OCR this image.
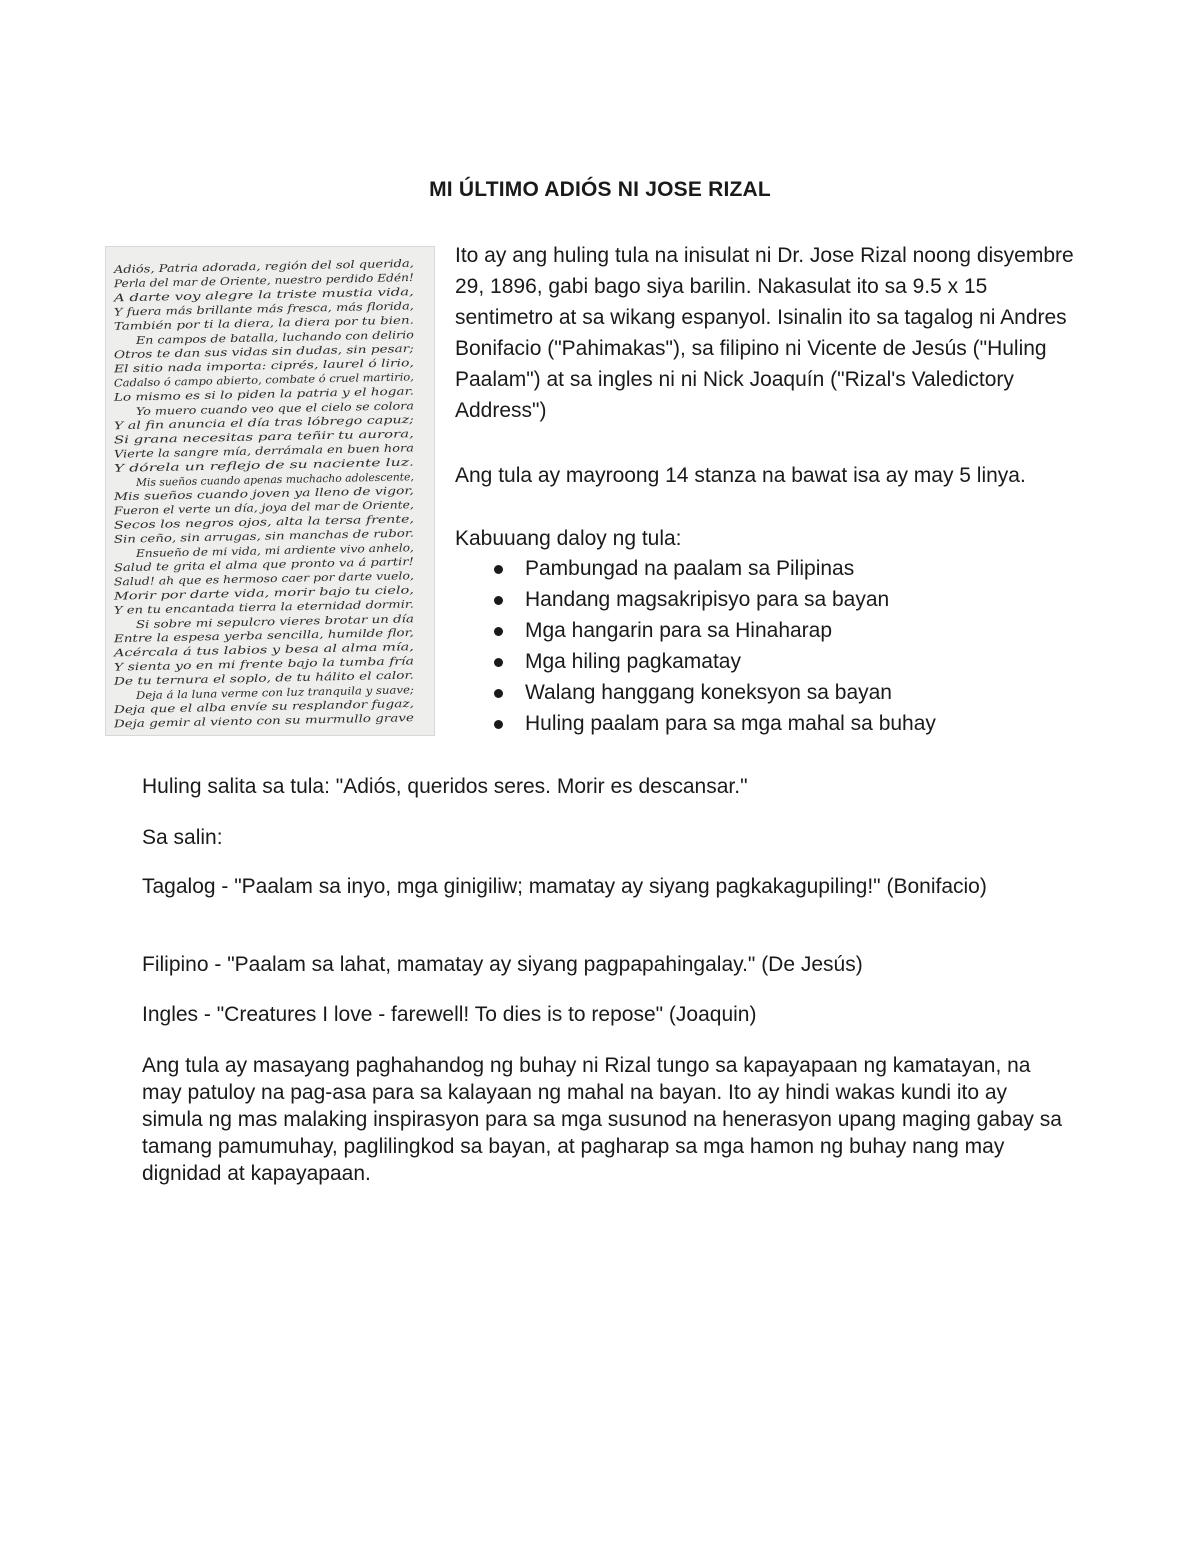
MI ÚLTIMO ADIÓS NI JOSE RIZAL
Adiós, Patria adorada, región del sol querida,
Perla del mar de Oriente, nuestro perdido Edén!
A darte voy alegre la triste mustia vida,
Y fuera más brillante más fresca, más florida,
También por ti la diera, la diera por tu bien.
En campos de batalla, luchando con delirio
Otros te dan sus vidas sin dudas, sin pesar;
El sitio nada importa: ciprés, laurel ó lirio,
Cadalso ó campo abierto, combate ó cruel martirio,
Lo mismo es si lo piden la patria y el hogar.
Yo muero cuando veo que el cielo se colora
Y al fin anuncia el día tras lóbrego capuz;
Si grana necesitas para teñir tu aurora,
Vierte la sangre mía, derrámala en buen hora
Y dórela un reflejo de su naciente luz.
Mis sueños cuando apenas muchacho adolescente,
Mis sueños cuando joven ya lleno de vigor,
Fueron el verte un día, joya del mar de Oriente,
Secos los negros ojos, alta la tersa frente,
Sin ceño, sin arrugas, sin manchas de rubor.
Ensueño de mi vida, mi ardiente vivo anhelo,
Salud te grita el alma que pronto va á partir!
Salud! ah que es hermoso caer por darte vuelo,
Morir por darte vida, morir bajo tu cielo,
Y en tu encantada tierra la eternidad dormir.
Si sobre mi sepulcro vieres brotar un día
Entre la espesa yerba sencilla, humilde flor,
Acércala á tus labios y besa al alma mía,
Y sienta yo en mi frente bajo la tumba fría
De tu ternura el soplo, de tu hálito el calor.
Deja á la luna verme con luz tranquila y suave;
Deja que el alba envíe su resplandor fugaz,
Deja gemir al viento con su murmullo grave

Ito ay ang huling tula na inisulat ni Dr. Jose Rizal noong disyembre 29, 1896, gabi bago siya barilin. Nakasulat ito sa 9.5 x 15 sentimetro at sa wikang espanyol. Isinalin ito sa tagalog ni Andres Bonifacio ("Pahimakas"), sa filipino ni Vicente de Jesús ("Huling Paalam") at sa ingles ni ni Nick Joaquín ("Rizal's Valedictory Address")

Ang tula ay mayroong 14 stanza na bawat isa ay may 5 linya.

Kabuuang daloy ng tula:

Pambungad na paalam sa Pilipinas
Handang magsakripisyo para sa bayan
Mga hangarin para sa Hinaharap
Mga hiling pagkamatay
Walang hanggang koneksyon sa bayan
Huling paalam para sa mga mahal sa buhay

Huling salita sa tula: "Adiós, queridos seres. Morir es descansar."

Sa salin:

Tagalog - "Paalam sa inyo, mga ginigiliw; mamatay ay siyang pagkakagupiling!" (Bonifacio)

Filipino - "Paalam sa lahat, mamatay ay siyang pagpapahingalay." (De Jesús)

Ingles - "Creatures I love - farewell! To dies is to repose" (Joaquin)

Ang tula ay masayang paghahandog ng buhay ni Rizal tungo sa kapayapaan ng kamatayan, na may patuloy na pag-asa para sa kalayaan ng mahal na bayan. Ito ay hindi wakas kundi ito ay simula ng mas malaking inspirasyon para sa mga susunod na henerasyon upang maging gabay sa tamang pamumuhay, paglilingkod sa bayan, at pagharap sa mga hamon ng buhay nang may dignidad at kapayapaan.
